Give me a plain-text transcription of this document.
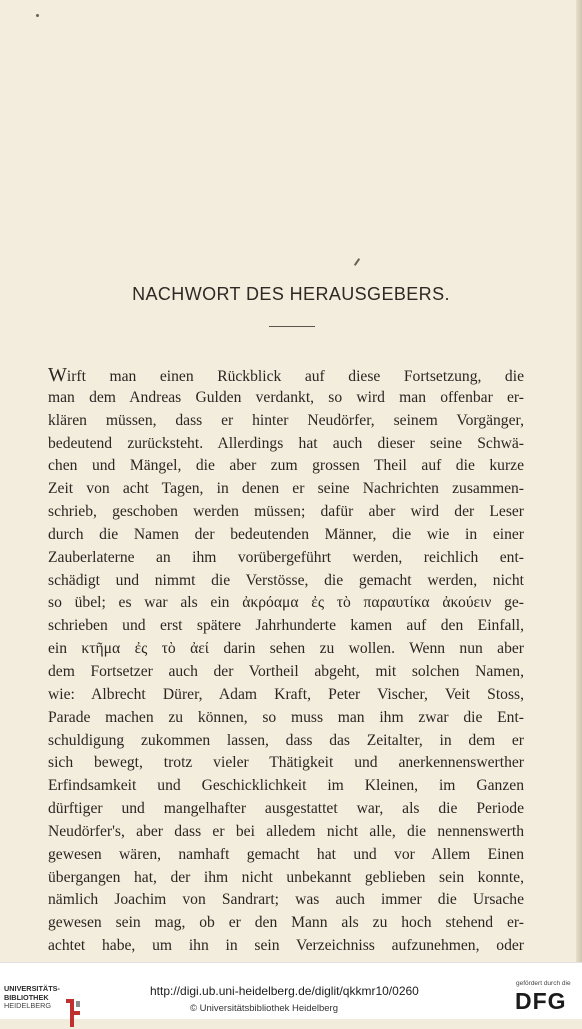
NACHWORT DES HERAUSGEBERS.
Wirft man einen Rückblick auf diese Fortsetzung, die
man dem Andreas Gulden verdankt, so wird man offenbar er-
klären müssen, dass er hinter Neudörfer, seinem Vorgänger,
bedeutend zurücksteht. Allerdings hat auch dieser seine Schwä-
chen und Mängel, die aber zum grossen Theil auf die kurze
Zeit von acht Tagen, in denen er seine Nachrichten zusammen-
schrieb, geschoben werden müssen; dafür aber wird der Leser
durch die Namen der bedeutenden Männer, die wie in einer
Zauberlaterne an ihm vorübergeführt werden, reichlich ent-
schädigt und nimmt die Verstösse, die gemacht werden, nicht
so übel; es war als ein ἀκρόαμα ἐς τὸ παραυτίκα ἀκούειν ge-
schrieben und erst spätere Jahrhunderte kamen auf den Einfall,
ein κτῆμα ἐς τὸ ἀεί darin sehen zu wollen. Wenn nun aber
dem Fortsetzer auch der Vortheil abgeht, mit solchen Namen,
wie: Albrecht Dürer, Adam Kraft, Peter Vischer, Veit Stoss,
Parade machen zu können, so muss man ihm zwar die Ent-
schuldigung zukommen lassen, dass das Zeitalter, in dem er
sich bewegt, trotz vieler Thätigkeit und anerkennenswerther
Erfindsamkeit und Geschicklichkeit im Kleinen, im Ganzen
dürftiger und mangelhafter ausgestattet war, als die Periode
Neudörfer's, aber dass er bei alledem nicht alle, die nennenswerth
gewesen wären, namhaft gemacht hat und vor Allem Einen
übergangen hat, der ihm nicht unbekannt geblieben sein konnte,
nämlich Joachim von Sandrart; was auch immer die Ursache
gewesen sein mag, ob er den Mann als zu hoch stehend er-
achtet habe, um ihn in sein Verzeichniss aufzunehmen, oder
UNIVERSITÄTS-
BIBLIOTHEK
HEIDELBERG
http://digi.ub.uni-heidelberg.de/diglit/qkkmr10/0260
© Universitätsbibliothek Heidelberg
gefördert durch die
DFG
